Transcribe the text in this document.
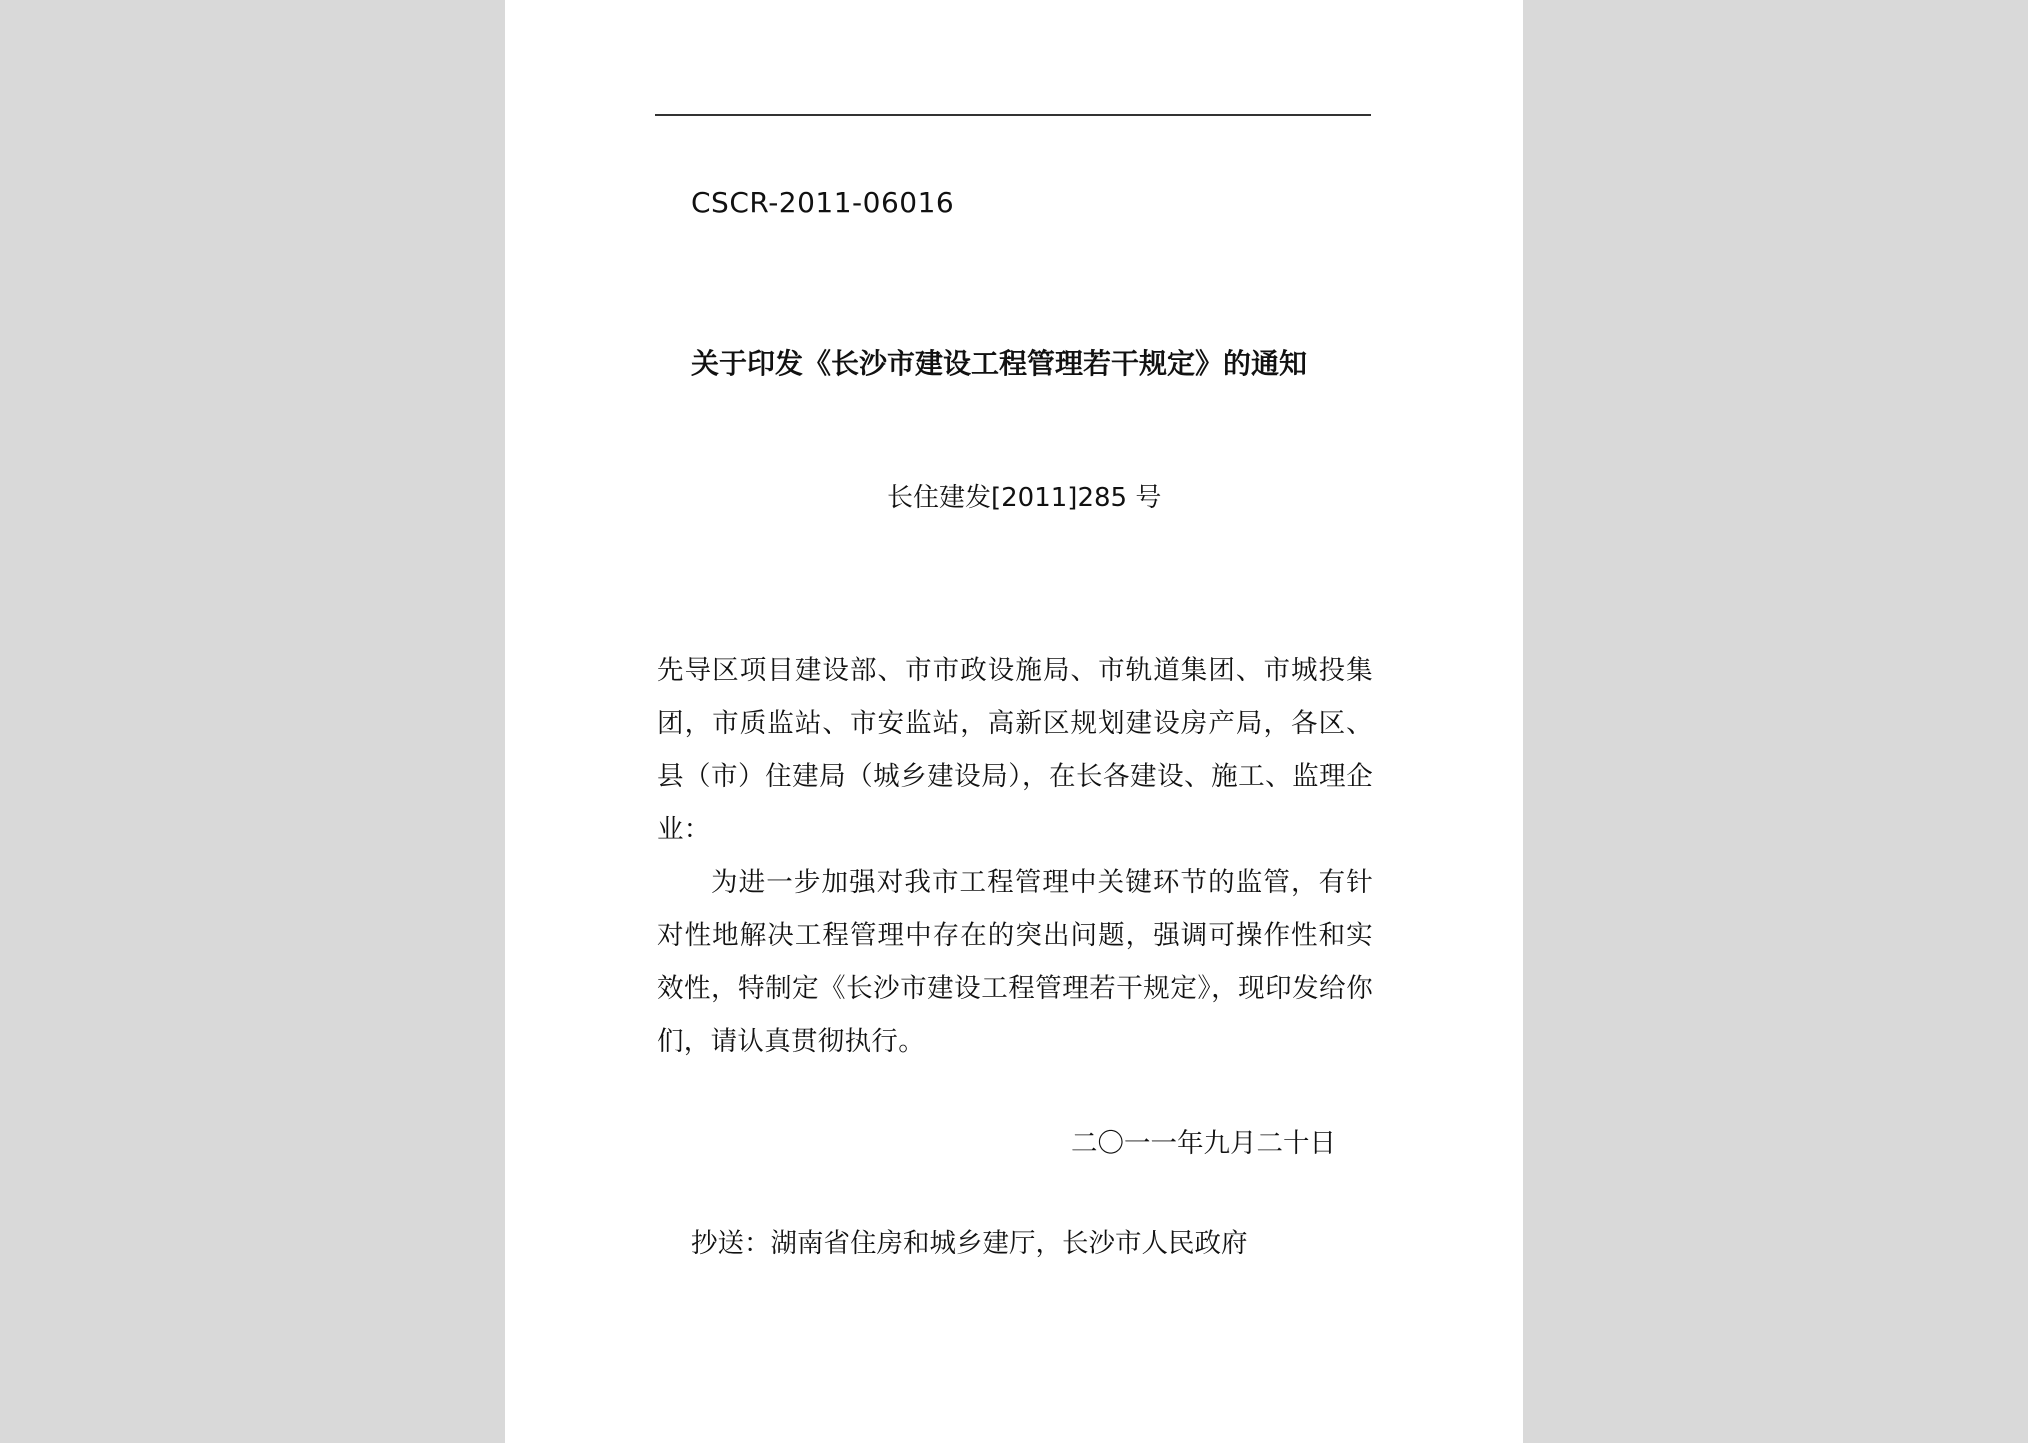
CSCR-2011-06016
关于印发《长沙市建设工程管理若干规定》的通知
长住建发[2011]285 号

先导区项目建设部、市市政设施局、市轨道集团、市城投集团，市质监站、市安监站，高新区规划建设房产局，各区、县（市）住建局（城乡建设局），在长各建设、施工、监理企业：

为进一步加强对我市工程管理中关键环节的监管，有针对性地解决工程管理中存在的突出问题，强调可操作性和实效性，特制定《长沙市建设工程管理若干规定》，现印发给你们，请认真贯彻执行。

二〇一一年九月二十日
抄送：湖南省住房和城乡建厅，长沙市人民政府
